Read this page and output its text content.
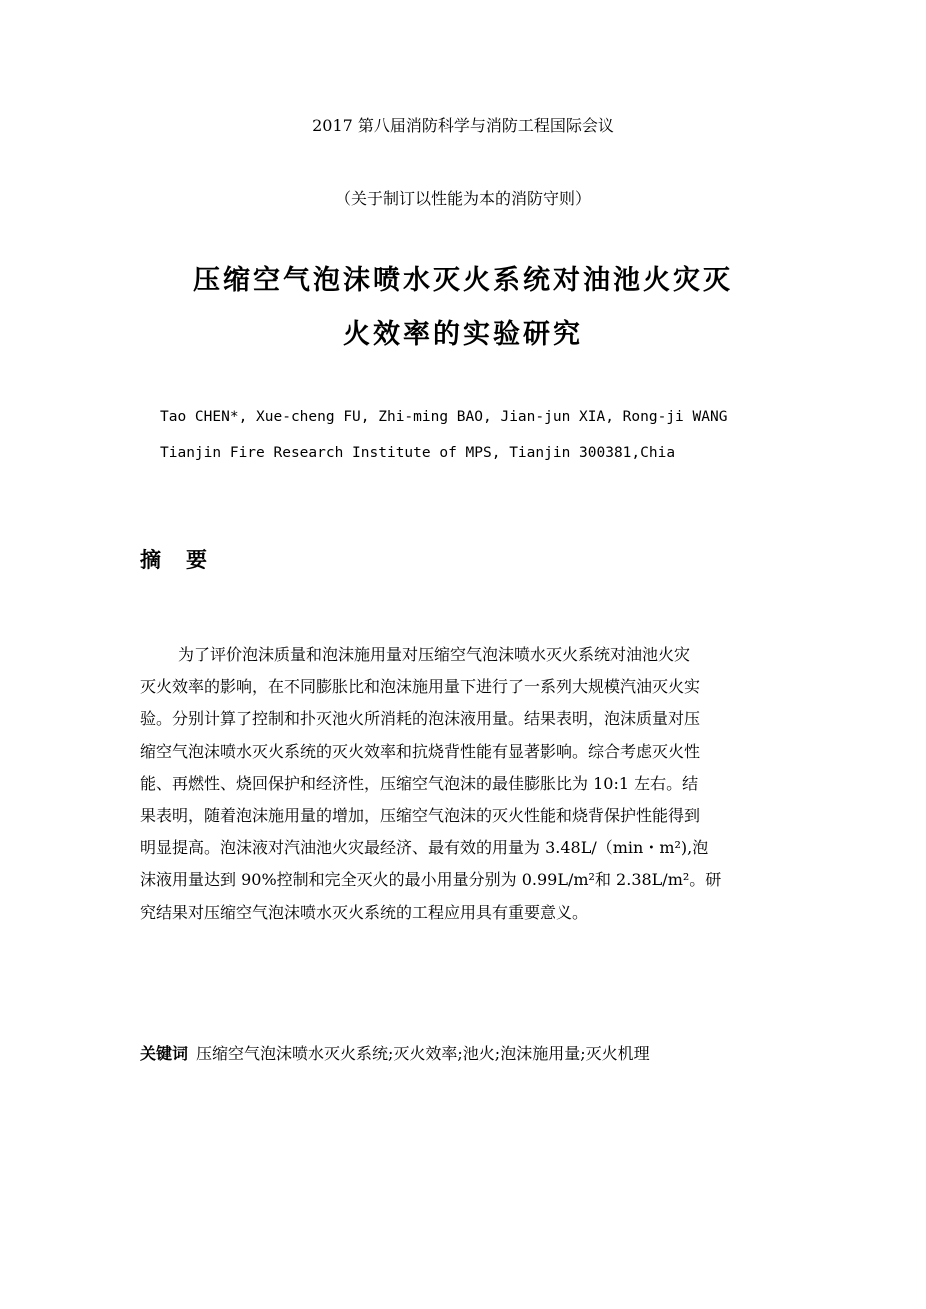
2017 第八届消防科学与消防工程国际会议
（关于制订以性能为本的消防守则）
压缩空气泡沫喷水灭火系统对油池火灾灭
火效率的实验研究
Tao CHEN*, Xue-cheng FU, Zhi-ming BAO, Jian-jun XIA, Rong-ji WANG
Tianjin Fire Research Institute of MPS, Tianjin 300381,Chia
摘要
为了评价泡沫质量和泡沫施用量对压缩空气泡沫喷水灭火系统对油池火灾
灭火效率的影响，在不同膨胀比和泡沫施用量下进行了一系列大规模汽油灭火实
验。分别计算了控制和扑灭池火所消耗的泡沫液用量。结果表明，泡沫质量对压
缩空气泡沫喷水灭火系统的灭火效率和抗烧背性能有显著影响。综合考虑灭火性
能、再燃性、烧回保护和经济性，压缩空气泡沫的最佳膨胀比为 10:1 左右。结
果表明，随着泡沫施用量的增加，压缩空气泡沫的灭火性能和烧背保护性能得到
明显提高。泡沫液对汽油池火灾最经济、最有效的用量为 3.48L/（min・m²),泡
沫液用量达到 90%控制和完全灭火的最小用量分别为 0.99L/m²和 2.38L/m²。研
究结果对压缩空气泡沫喷水灭火系统的工程应用具有重要意义。
关键词 压缩空气泡沫喷水灭火系统;灭火效率;池火;泡沫施用量;灭火机理
